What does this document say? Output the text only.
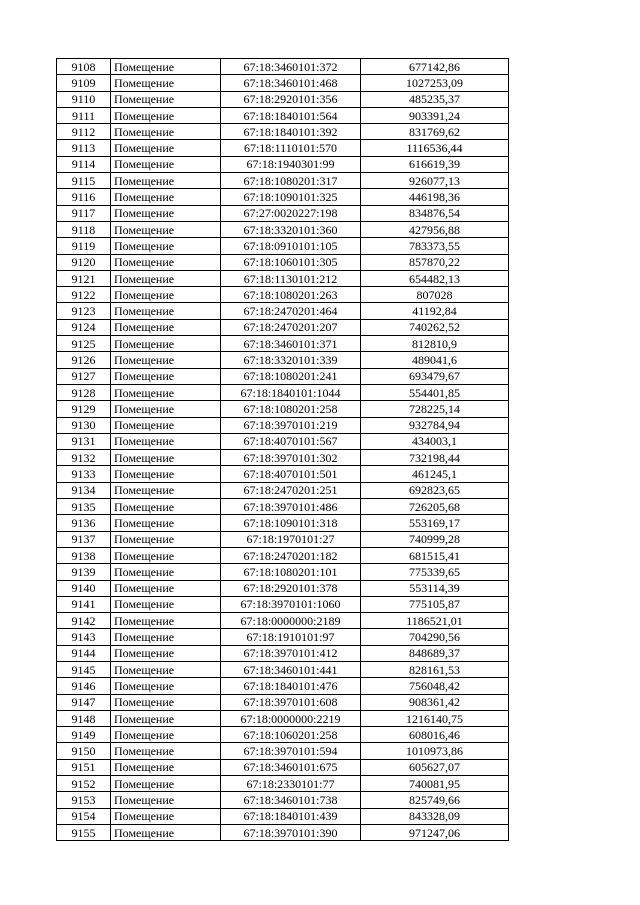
9108	Помещение	67:18:3460101:372	677142,86
9109	Помещение	67:18:3460101:468	1027253,09
9110	Помещение	67:18:2920101:356	485235,37
9111	Помещение	67:18:1840101:564	903391,24
9112	Помещение	67:18:1840101:392	831769,62
9113	Помещение	67:18:1110101:570	1116536,44
9114	Помещение	67:18:1940301:99	616619,39
9115	Помещение	67:18:1080201:317	926077,13
9116	Помещение	67:18:1090101:325	446198,36
9117	Помещение	67:27:0020227:198	834876,54
9118	Помещение	67:18:3320101:360	427956,88
9119	Помещение	67:18:0910101:105	783373,55
9120	Помещение	67:18:1060101:305	857870,22
9121	Помещение	67:18:1130101:212	654482,13
9122	Помещение	67:18:1080201:263	807028
9123	Помещение	67:18:2470201:464	41192,84
9124	Помещение	67:18:2470201:207	740262,52
9125	Помещение	67:18:3460101:371	812810,9
9126	Помещение	67:18:3320101:339	489041,6
9127	Помещение	67:18:1080201:241	693479,67
9128	Помещение	67:18:1840101:1044	554401,85
9129	Помещение	67:18:1080201:258	728225,14
9130	Помещение	67:18:3970101:219	932784,94
9131	Помещение	67:18:4070101:567	434003,1
9132	Помещение	67:18:3970101:302	732198,44
9133	Помещение	67:18:4070101:501	461245,1
9134	Помещение	67:18:2470201:251	692823,65
9135	Помещение	67:18:3970101:486	726205,68
9136	Помещение	67:18:1090101:318	553169,17
9137	Помещение	67:18:1970101:27	740999,28
9138	Помещение	67:18:2470201:182	681515,41
9139	Помещение	67:18:1080201:101	775339,65
9140	Помещение	67:18:2920101:378	553114,39
9141	Помещение	67:18:3970101:1060	775105,87
9142	Помещение	67:18:0000000:2189	1186521,01
9143	Помещение	67:18:1910101:97	704290,56
9144	Помещение	67:18:3970101:412	848689,37
9145	Помещение	67:18:3460101:441	828161,53
9146	Помещение	67:18:1840101:476	756048,42
9147	Помещение	67:18:3970101:608	908361,42
9148	Помещение	67:18:0000000:2219	1216140,75
9149	Помещение	67:18:1060201:258	608016,46
9150	Помещение	67:18:3970101:594	1010973,86
9151	Помещение	67:18:3460101:675	605627,07
9152	Помещение	67:18:2330101:77	740081,95
9153	Помещение	67:18:3460101:738	825749,66
9154	Помещение	67:18:1840101:439	843328,09
9155	Помещение	67:18:3970101:390	971247,06
